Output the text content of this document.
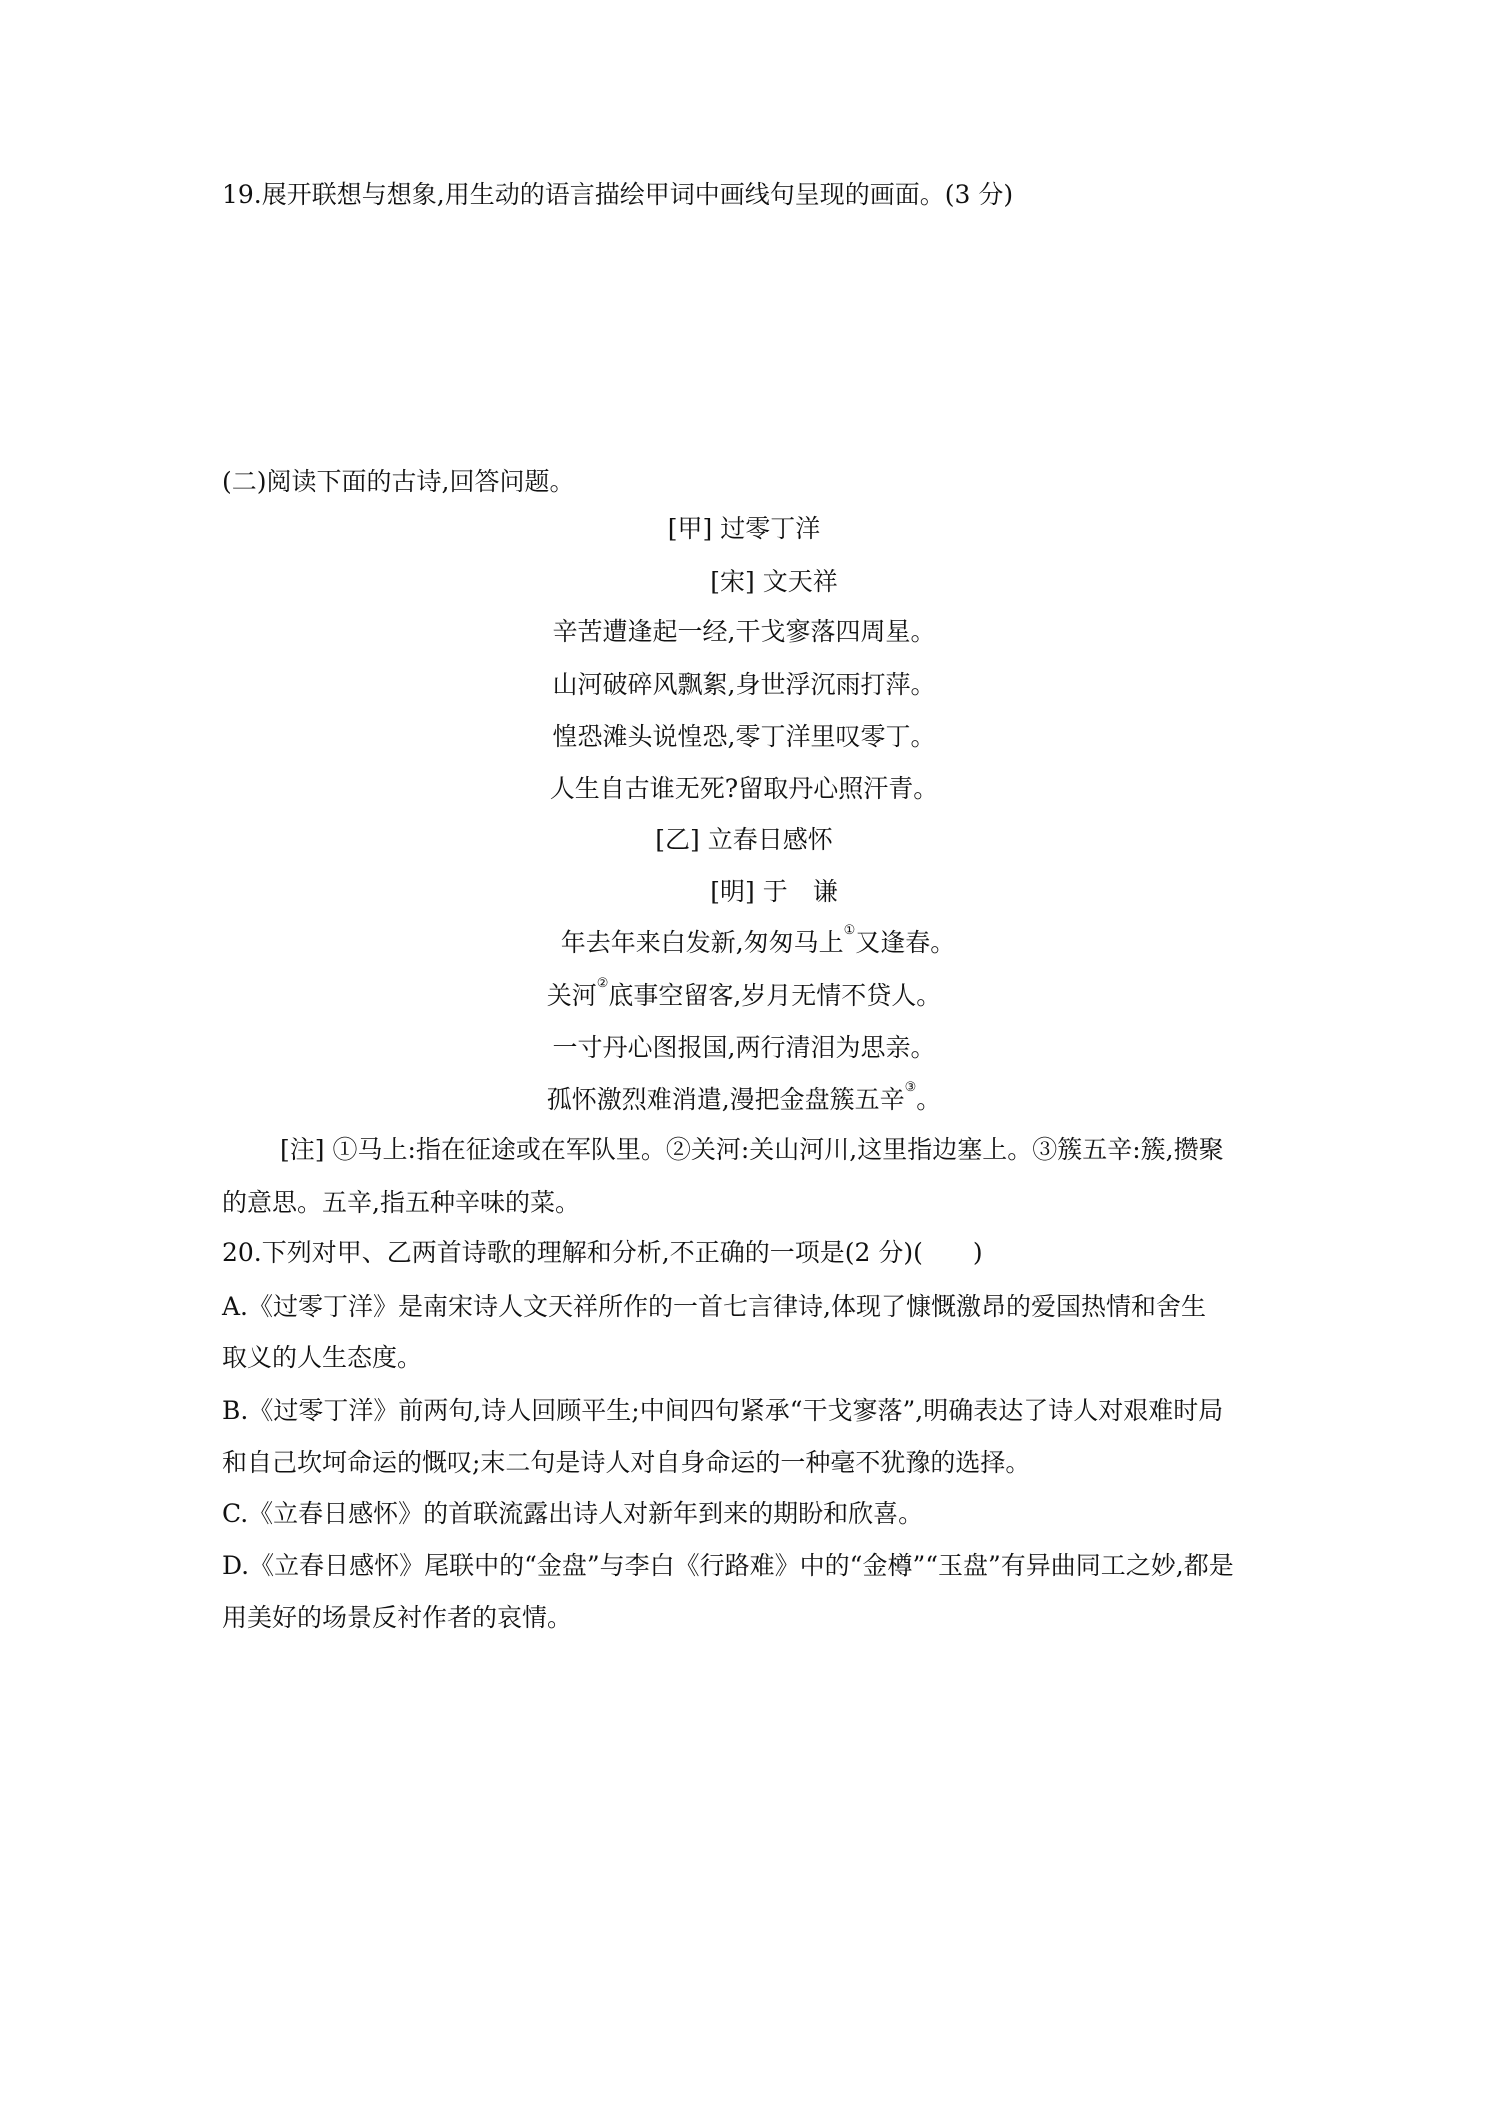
19.展开联想与想象,用生动的语言描绘甲词中画线句呈现的画面。(3 分)
(二)阅读下面的古诗,回答问题。
[甲] 过零丁洋
[宋] 文天祥
辛苦遭逢起一经,干戈寥落四周星。
山河破碎风飘絮,身世浮沉雨打萍。
惶恐滩头说惶恐,零丁洋里叹零丁。
人生自古谁无死?留取丹心照汗青。
[乙] 立春日感怀
[明] 于　谦
年去年来白发新,匆匆马上①又逢春。
关河②底事空留客,岁月无情不贷人。
一寸丹心图报国,两行清泪为思亲。
孤怀激烈难消遣,漫把金盘簇五辛③。
[注] ①马上:指在征途或在军队里。②关河:关山河川,这里指边塞上。③簇五辛:簇,攒聚
的意思。五辛,指五种辛味的菜。
20.下列对甲、乙两首诗歌的理解和分析,不正确的一项是(2 分)(　　)
A.《过零丁洋》是南宋诗人文天祥所作的一首七言律诗,体现了慷慨激昂的爱国热情和舍生
取义的人生态度。
B.《过零丁洋》前两句,诗人回顾平生;中间四句紧承“干戈寥落”,明确表达了诗人对艰难时局
和自己坎坷命运的慨叹;末二句是诗人对自身命运的一种毫不犹豫的选择。
C.《立春日感怀》的首联流露出诗人对新年到来的期盼和欣喜。
D.《立春日感怀》尾联中的“金盘”与李白《行路难》中的“金樽”“玉盘”有异曲同工之妙,都是
用美好的场景反衬作者的哀情。
